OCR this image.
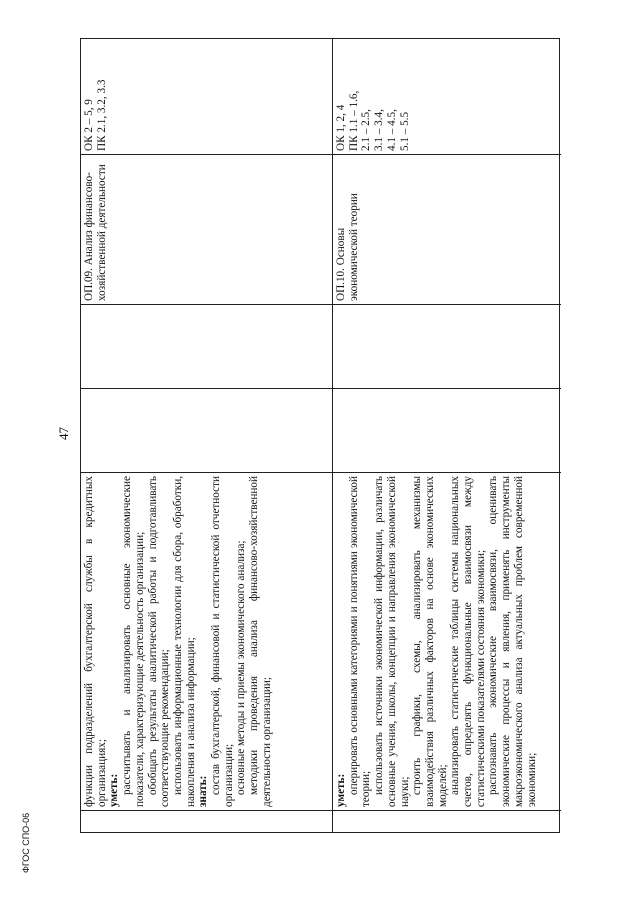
47

функции подразделений бухгалтерской службы в кредитных организациях; уметь: рассчитывать и анализировать основные экономические показатели, характеризующие деятельность организации; обобщать результаты аналитической работы и подготавливать соответствующие рекомендации; использовать информационные технологии для сбора, обработки, накопления и анализа информации; знать: состав бухгалтерской, финансовой и статистической отчетности организации; основные методы и приемы экономического анализа; методики проведения анализа финансово-хозяйственной деятельности организации;

ОП.09. Анализ финансово-хозяйственной деятельности

ОК 2 – 5, 9 ПК 2.1, 3.2, 3.3

уметь: оперировать основными категориями и понятиями экономической теории; использовать источники экономической информации, различать основные учения, школы, концепции и направления экономической науки; строить графики, схемы, анализировать механизмы взаимодействия различных факторов на основе экономических моделей; анализировать статистические таблицы системы национальных счетов, определять функциональные взаимосвязи между статистическими показателями состояния экономики; распознавать экономические взаимосвязи, оценивать экономические процессы и явления, применять инструменты макроэкономического анализа актуальных проблем современной экономики;

ОП.10. Основы экономической теории

ОК 1, 2, 4 ПК 1.1 – 1.6, 2.1 – 2.5, 3.1 – 3.4, 4.1 – 4.5, 5.1 – 5.5

ФГОС СПО-06
